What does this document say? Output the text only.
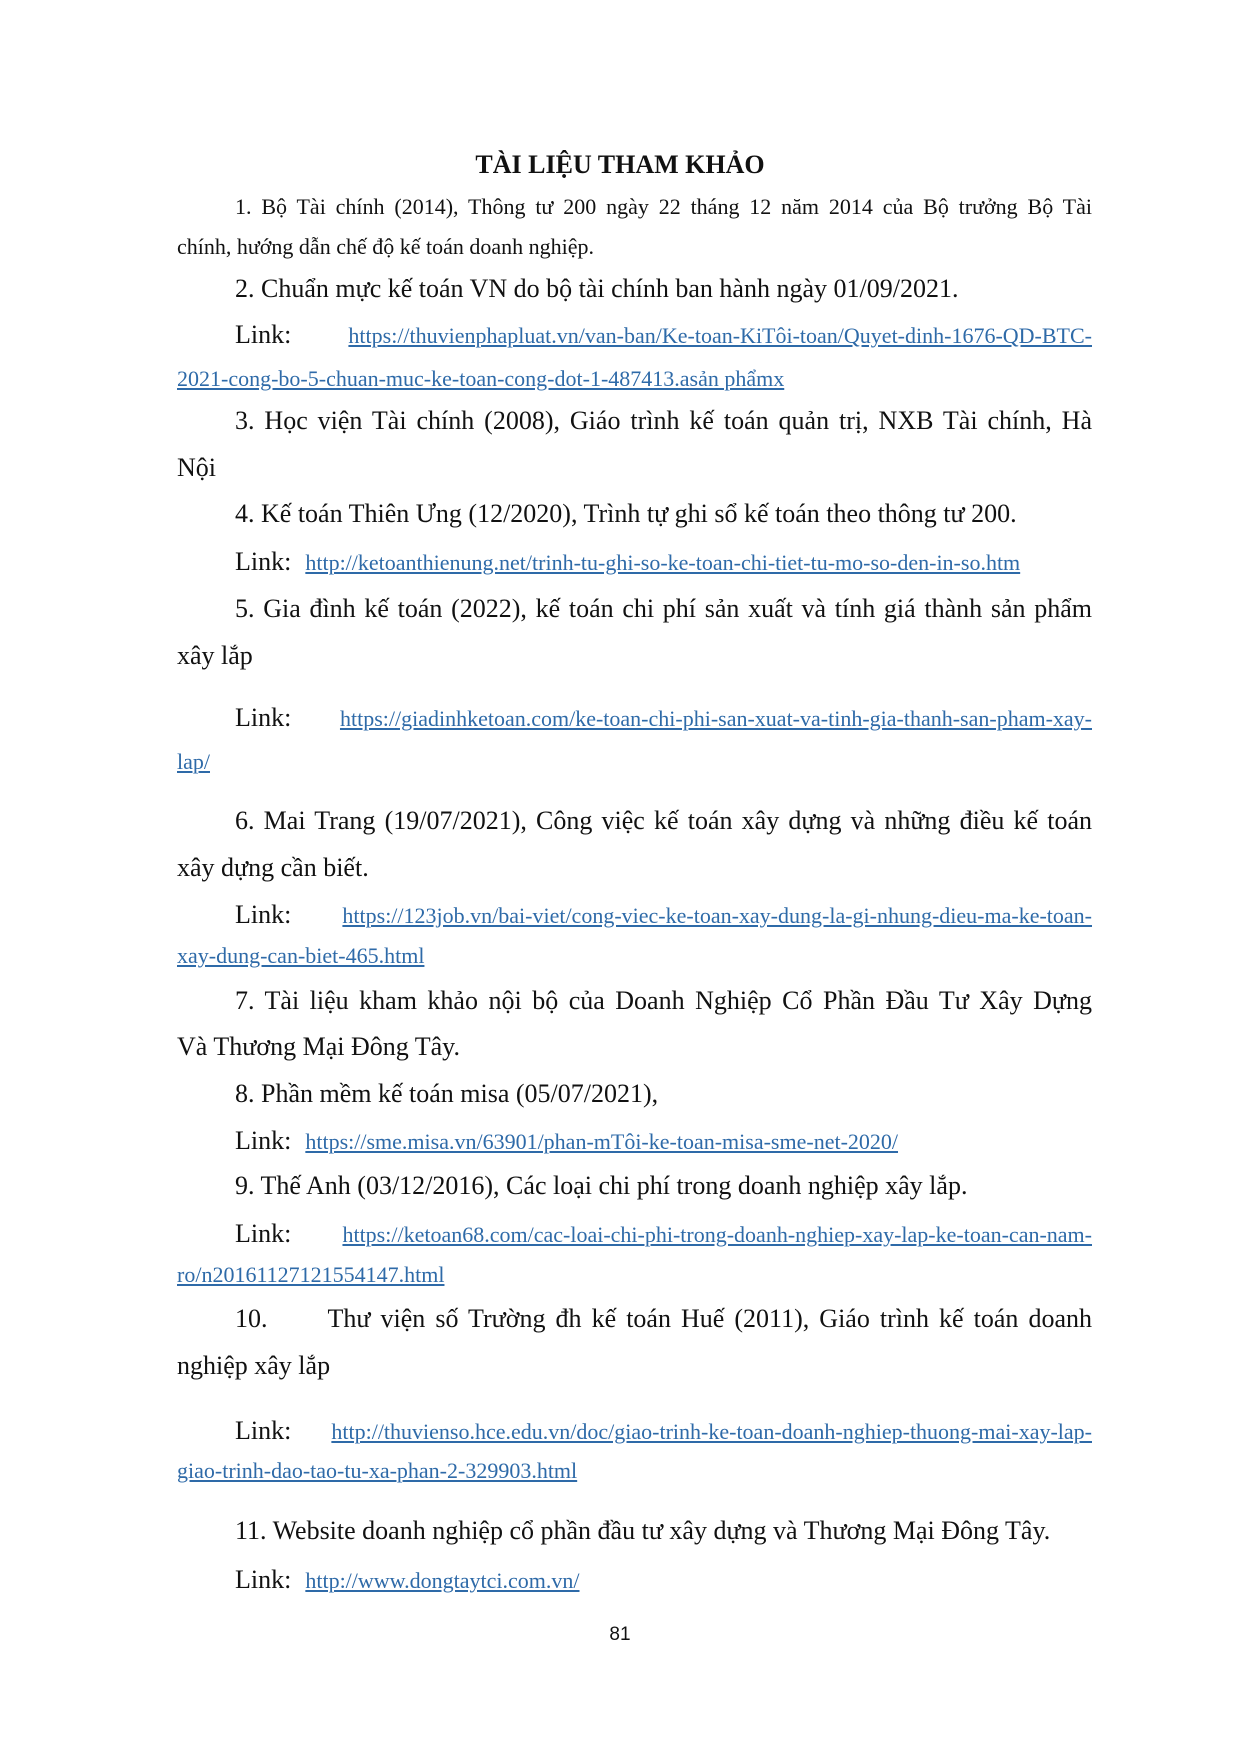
TÀI LIỆU THAM KHẢO
1. Bộ Tài chính (2014), Thông tư 200 ngày 22 tháng 12 năm 2014 của Bộ trưởng Bộ Tài
chính, hướng dẫn chế độ kế toán doanh nghiệp.
2. Chuẩn mực kế toán VN do bộ tài chính ban hành ngày 01/09/2021.
Link:	https://thuvienphapluat.vn/van-ban/Ke-toan-KiTôi-toan/Quyet-dinh-1676-QD-BTC-
2021-cong-bo-5-chuan-muc-ke-toan-cong-dot-1-487413.asản phẩmx
3. Học viện Tài chính (2008), Giáo trình kế toán quản trị, NXB Tài chính, Hà
Nội
4. Kế toán Thiên Ưng (12/2020), Trình tự ghi sổ kế toán theo thông tư 200.
Link: http://ketoanthienung.net/trinh-tu-ghi-so-ke-toan-chi-tiet-tu-mo-so-den-in-so.htm
5. Gia đình kế toán (2022), kế toán chi phí sản xuất và tính giá thành sản phẩm
xây lắp
Link: https://giadinhketoan.com/ke-toan-chi-phi-san-xuat-va-tinh-gia-thanh-san-pham-xay-
lap/
6. Mai Trang (19/07/2021), Công việc kế toán xây dựng và những điều kế toán
xây dựng cần biết.
Link: https://123job.vn/bai-viet/cong-viec-ke-toan-xay-dung-la-gi-nhung-dieu-ma-ke-toan-
xay-dung-can-biet-465.html
7. Tài liệu kham khảo nội bộ của Doanh Nghiệp Cổ Phần Đầu Tư Xây Dựng
Và Thương Mại Đông Tây.
8. Phần mềm kế toán misa (05/07/2021),
Link: https://sme.misa.vn/63901/phan-mTôi-ke-toan-misa-sme-net-2020/
9. Thế Anh (03/12/2016), Các loại chi phí trong doanh nghiệp xây lắp.
Link: https://ketoan68.com/cac-loai-chi-phi-trong-doanh-nghiep-xay-lap-ke-toan-can-nam-
ro/n20161127121554147.html
10. Thư viện số Trường đh kế toán Huế (2011), Giáo trình kế toán doanh
nghiệp xây lắp
Link: http://thuvienso.hce.edu.vn/doc/giao-trinh-ke-toan-doanh-nghiep-thuong-mai-xay-lap-
giao-trinh-dao-tao-tu-xa-phan-2-329903.html
11. Website doanh nghiệp cổ phần đầu tư xây dựng và Thương Mại Đông Tây.
Link: http://www.dongtaytci.com.vn/
81
